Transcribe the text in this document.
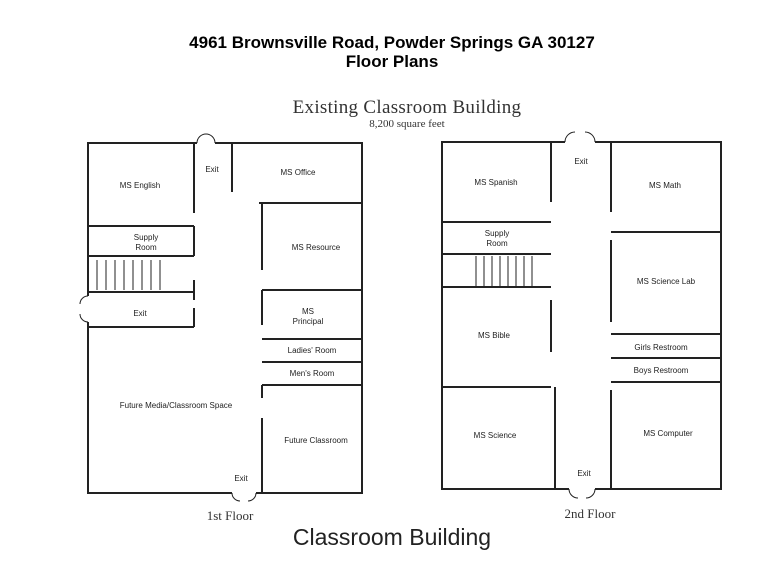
4961 Brownsville Road, Powder Springs GA 30127
Floor Plans
Existing Classroom Building
8,200 square feet
MS English
Exit	MS Office
Supply
Room	MS Resource
Exit	MS
Principal
Ladies' Room
Men's Room
Future Media/Classroom Space
Future Classroom
Exit
MS Spanish
Exit
MS Math
Supply
Room
MS Science Lab
MS Bible
Girls Restroom
Boys Restroom
MS Science	MS Computer
Exit
1st Floor	2nd Floor
Classroom Building
